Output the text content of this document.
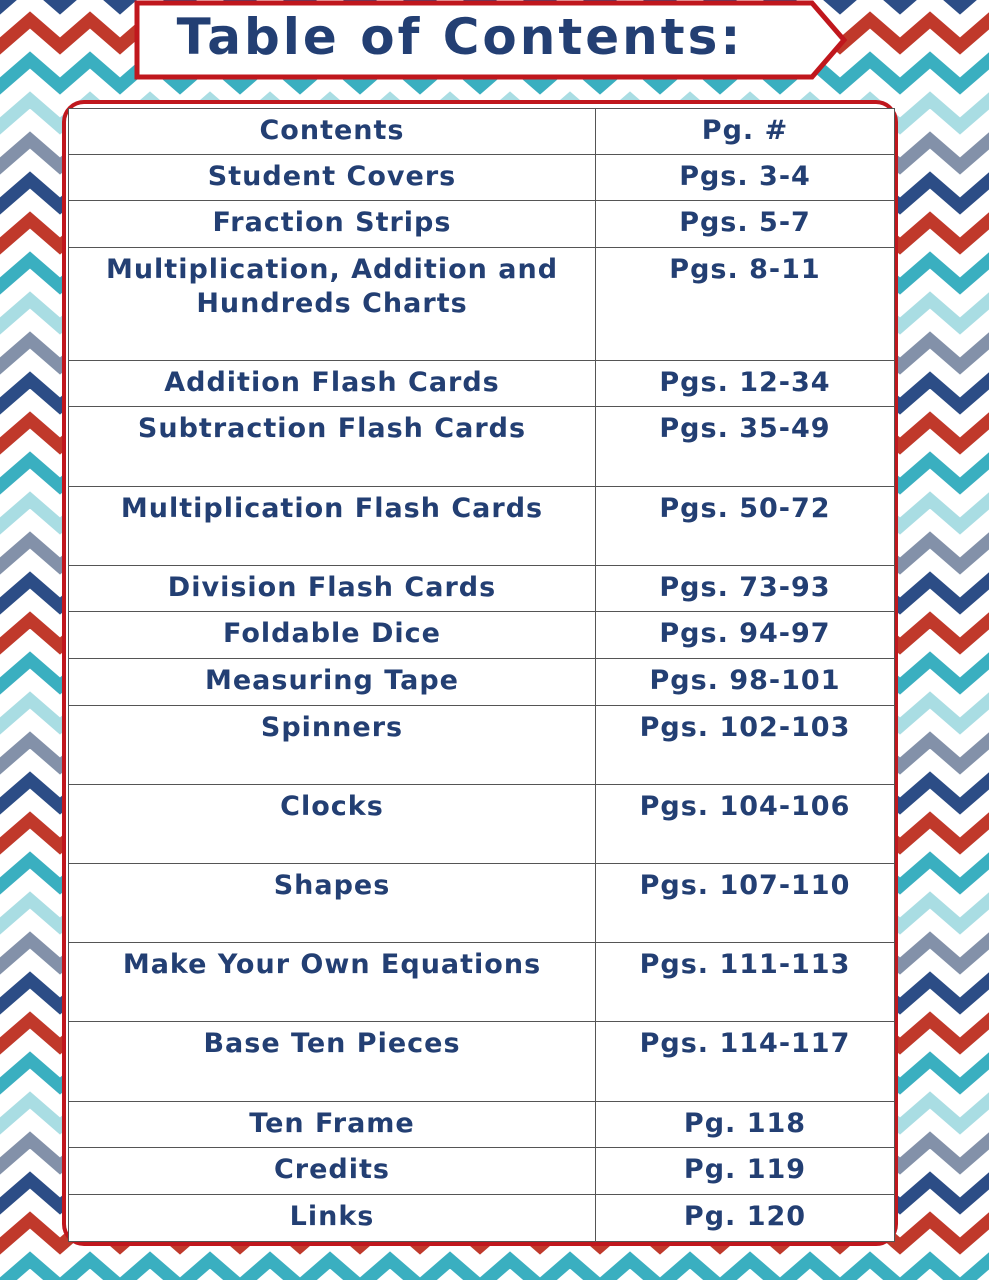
Table of Contents:
Contents	Pg. #
Student Covers	Pgs. 3-4
Fraction Strips	Pgs. 5-7
Multiplication, Addition and Hundreds Charts	Pgs. 8-11
Addition Flash Cards	Pgs. 12-34
Subtraction Flash Cards	Pgs. 35-49
Multiplication Flash Cards	Pgs. 50-72
Division Flash Cards	Pgs. 73-93
Foldable Dice	Pgs. 94-97
Measuring Tape	Pgs. 98-101
Spinners	Pgs. 102-103
Clocks	Pgs. 104-106
Shapes	Pgs. 107-110
Make Your Own Equations	Pgs. 111-113
Base Ten Pieces	Pgs. 114-117
Ten Frame	Pg. 118
Credits	Pg. 119
Links	Pg. 120
